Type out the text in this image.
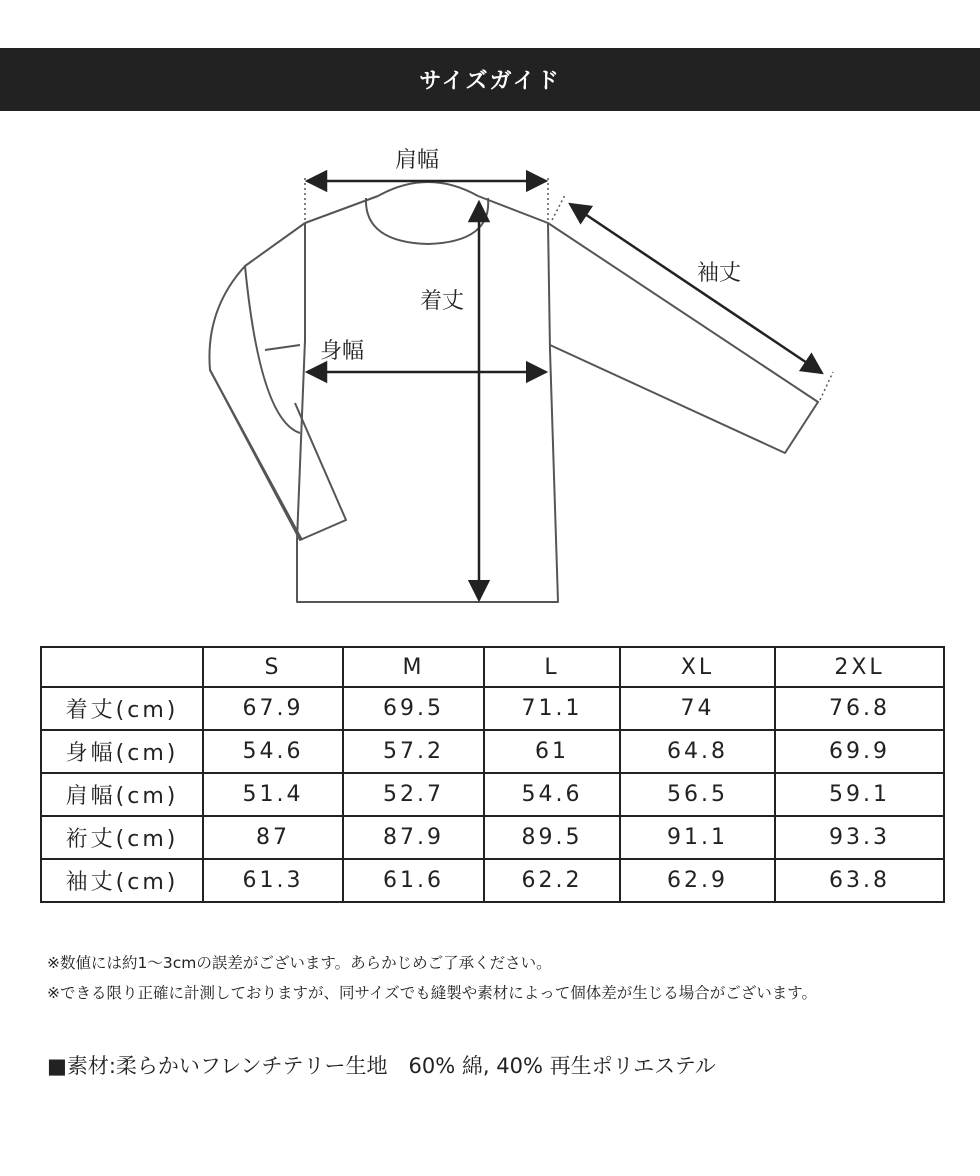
サイズガイド
肩幅
着丈
身幅
袖丈
	S	M	L	XL	2XL
着丈(cm)	67.9	69.5	71.1	74	76.8
身幅(cm)	54.6	57.2	61	64.8	69.9
肩幅(cm)	51.4	52.7	54.6	56.5	59.1
裄丈(cm)	87	87.9	89.5	91.1	93.3
袖丈(cm)	61.3	61.6	62.2	62.9	63.8
※数値には約1〜3cmの誤差がございます。あらかじめご了承ください。
※できる限り正確に計測しておりますが、同サイズでも縫製や素材によって個体差が生じる場合がございます。
■素材:柔らかいフレンチテリー生地　60% 綿, 40% 再生ポリエステル
